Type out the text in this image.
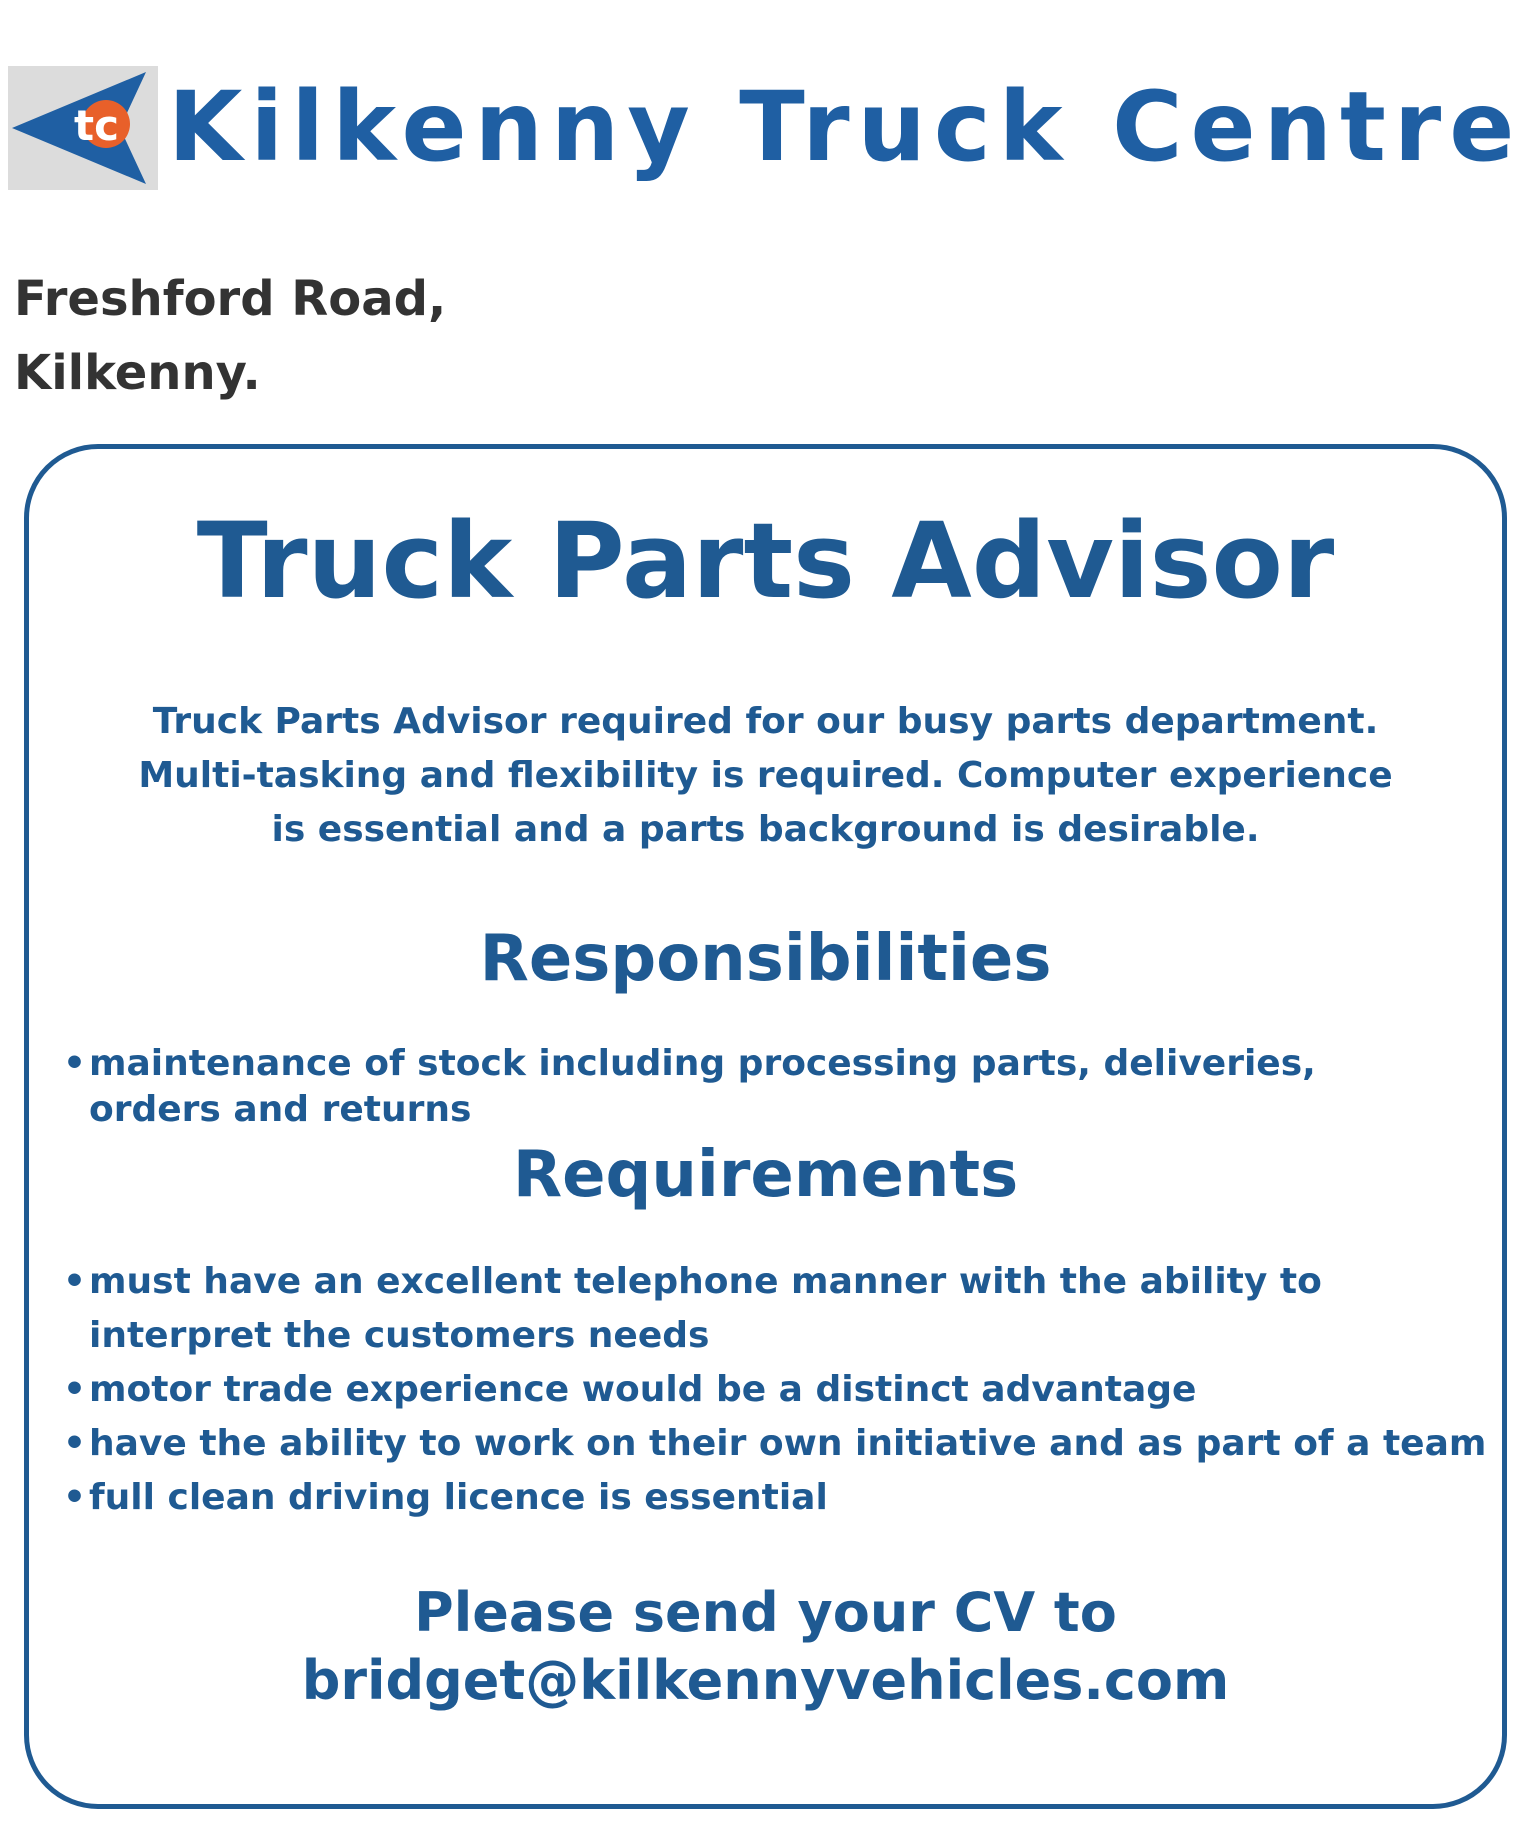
tc Kilkenny Truck Centre
Freshford Road,
Kilkenny.
Truck Parts Advisor
Truck Parts Advisor required for our busy parts department.
Multi-tasking and flexibility is required. Computer experience
is essential and a parts background is desirable.
Responsibilities
• maintenance of stock including processing parts, deliveries,
orders and returns
Requirements
• must have an excellent telephone manner with the ability to
interpret the customers needs
• motor trade experience would be a distinct advantage
• have the ability to work on their own initiative and as part of a team
• full clean driving licence is essential
Please send your CV to
bridget@kilkennyvehicles.com
